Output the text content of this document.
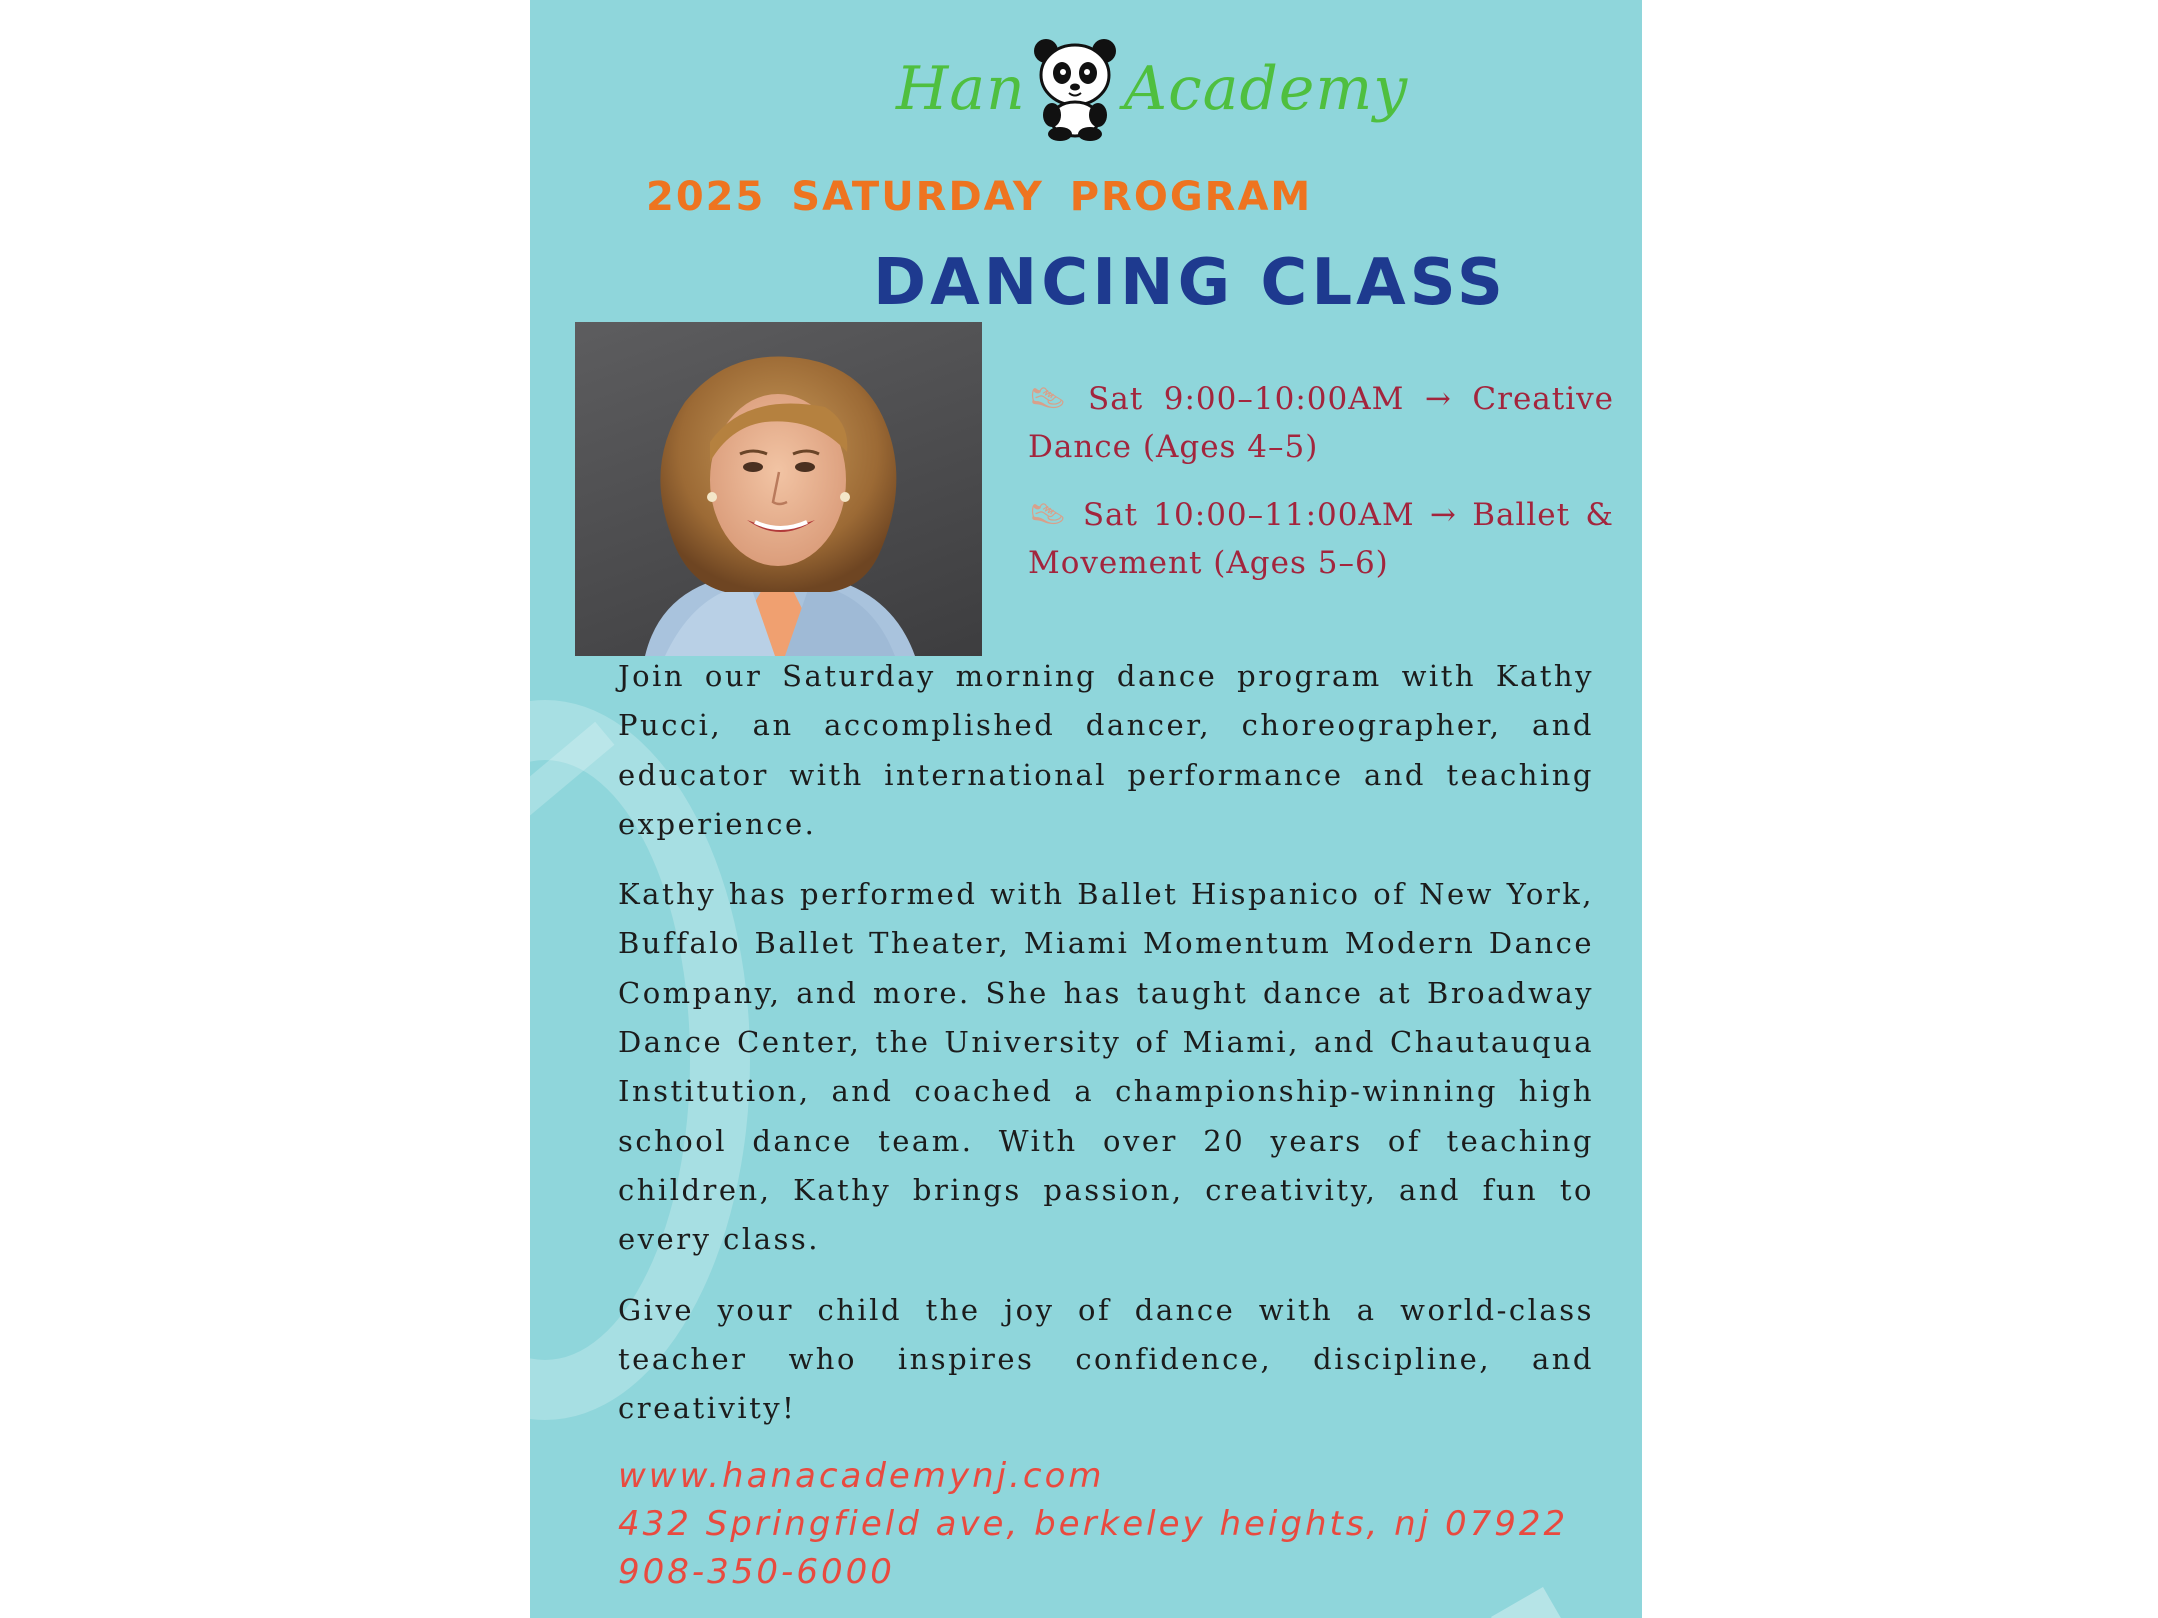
Han Academy
2025 SATURDAY PROGRAM
DANCING CLASS
👟︎ Sat 9:00–10:00AM → Creative Dance (Ages 4–5)
👟︎ Sat 10:00–11:00AM → Ballet & Movement (Ages 5–6)

Join our Saturday morning dance program with Kathy Pucci, an accomplished dancer, choreographer, and educator with international performance and teaching experience.

Kathy has performed with Ballet Hispanico of New York, Buffalo Ballet Theater, Miami Momentum Modern Dance Company, and more. She has taught dance at Broadway Dance Center, the University of Miami, and Chautauqua Institution, and coached a championship-winning high school dance team. With over 20 years of teaching children, Kathy brings passion, creativity, and fun to every class.

Give your child the joy of dance with a world-class teacher who inspires confidence, discipline, and creativity!

www.hanacademynj.com
432 Springfield ave, berkeley heights, nj 07922
908-350-6000
